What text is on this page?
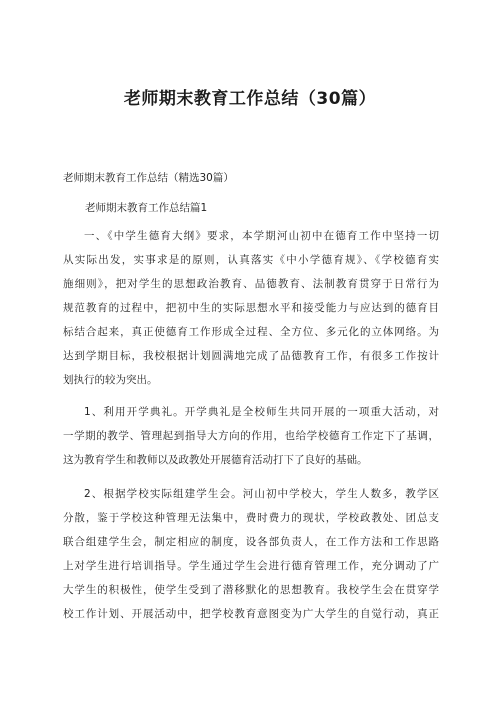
老师期末教育工作总结（30篇）
老师期末教育工作总结（精选30篇）
老师期末教育工作总结篇1
一、《中学生德育大纲》要求，本学期河山初中在德育工作中坚持一切
从实际出发，实事求是的原则，认真落实《中小学德育规》、《学校德育实
施细则》，把对学生的思想政治教育、品德教育、法制教育贯穿于日常行为
规范教育的过程中，把初中生的实际思想水平和接受能力与应达到的德育目
标结合起来，真正使德育工作形成全过程、全方位、多元化的立体网络。为
达到学期目标，我校根据计划圆满地完成了品德教育工作，有很多工作按计
划执行的较为突出。
1、利用开学典礼。开学典礼是全校师生共同开展的一项重大活动，对
一学期的教学、管理起到指导大方向的作用，也给学校德育工作定下了基调，
这为教育学生和教师以及政教处开展德育活动打下了良好的基础。
2、根据学校实际组建学生会。河山初中学校大，学生人数多，教学区
分散，鉴于学校这种管理无法集中，费时费力的现状，学校政教处、团总支
联合组建学生会，制定相应的制度，设各部负责人，在工作方法和工作思路
上对学生进行培训指导。学生通过学生会进行德育管理工作，充分调动了广
大学生的积极性，使学生受到了潜移默化的思想教育。我校学生会在贯穿学
校工作计划、开展活动中，把学校教育意图变为广大学生的自觉行动，真正
